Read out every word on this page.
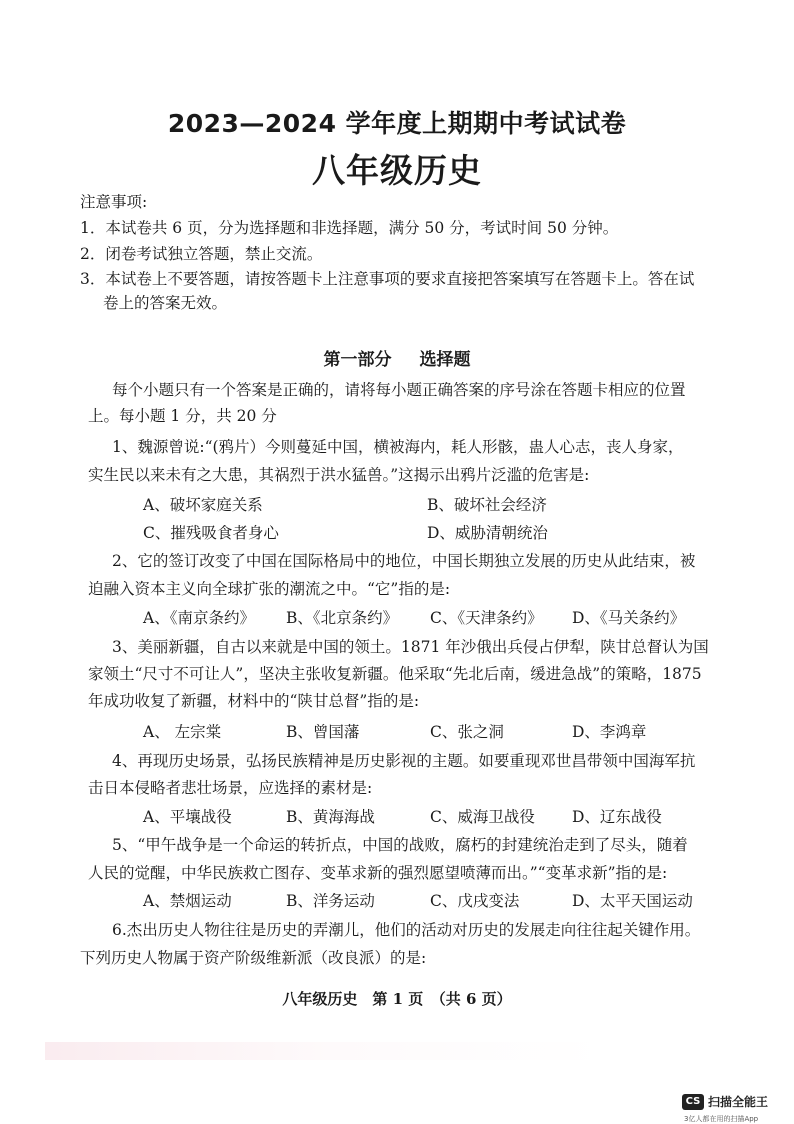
2023—2024 学年度上期期中考试试卷
八年级历史
注意事项:
1．本试卷共 6 页，分为选择题和非选择题，满分 50 分，考试时间 50 分钟。
2．闭卷考试独立答题，禁止交流。
3．本试卷上不要答题，请按答题卡上注意事项的要求直接把答案填写在答题卡上。答在试
卷上的答案无效。
第一部分 选择题
每个小题只有一个答案是正确的，请将每小题正确答案的序号涂在答题卡相应的位置
上。每小题 1 分，共 20 分
1、魏源曾说:“(鸦片）今则蔓延中国，横被海内，耗人形骸，蛊人心志，丧人身家，
实生民以来未有之大患，其祸烈于洪水猛兽。”这揭示出鸦片泛滥的危害是:
A、破坏家庭关系	B、破坏社会经济
C、摧残吸食者身心	D、威胁清朝统治
2、它的签订改变了中国在国际格局中的地位，中国长期独立发展的历史从此结束，被
迫融入资本主义向全球扩张的潮流之中。“它”指的是:
A、《南京条约》 B、《北京条约》 C、《天津条约》 D、《马关条约》
3、美丽新疆，自古以来就是中国的领土。1871 年沙俄出兵侵占伊犁，陕甘总督认为国
家领土“尺寸不可让人”，坚决主张收复新疆。他采取“先北后南，缓进急战”的策略，1875
年成功收复了新疆，材料中的“陕甘总督”指的是:
A、 左宗棠	B、曾国藩	C、张之洞	D、李鸿章
4、再现历史场景，弘扬民族精神是历史影视的主题。如要重现邓世昌带领中国海军抗
击日本侵略者悲壮场景，应选择的素材是:
A、平壤战役	B、黄海海战	C、威海卫战役 D、辽东战役
5、“甲午战争是一个命运的转折点，中国的战败，腐朽的封建统治走到了尽头，随着
人民的觉醒，中华民族救亡图存、变革求新的强烈愿望喷薄而出。”“变革求新”指的是:
A、禁烟运动	B、洋务运动	C、戊戌变法	D、太平天国运动
6.杰出历史人物往往是历史的弄潮儿，他们的活动对历史的发展走向往往起关键作用。
下列历史人物属于资产阶级维新派（改良派）的是:
八年级历史　第 1 页　（共 6 页）
CS 扫描全能王
3亿人都在用的扫描App
